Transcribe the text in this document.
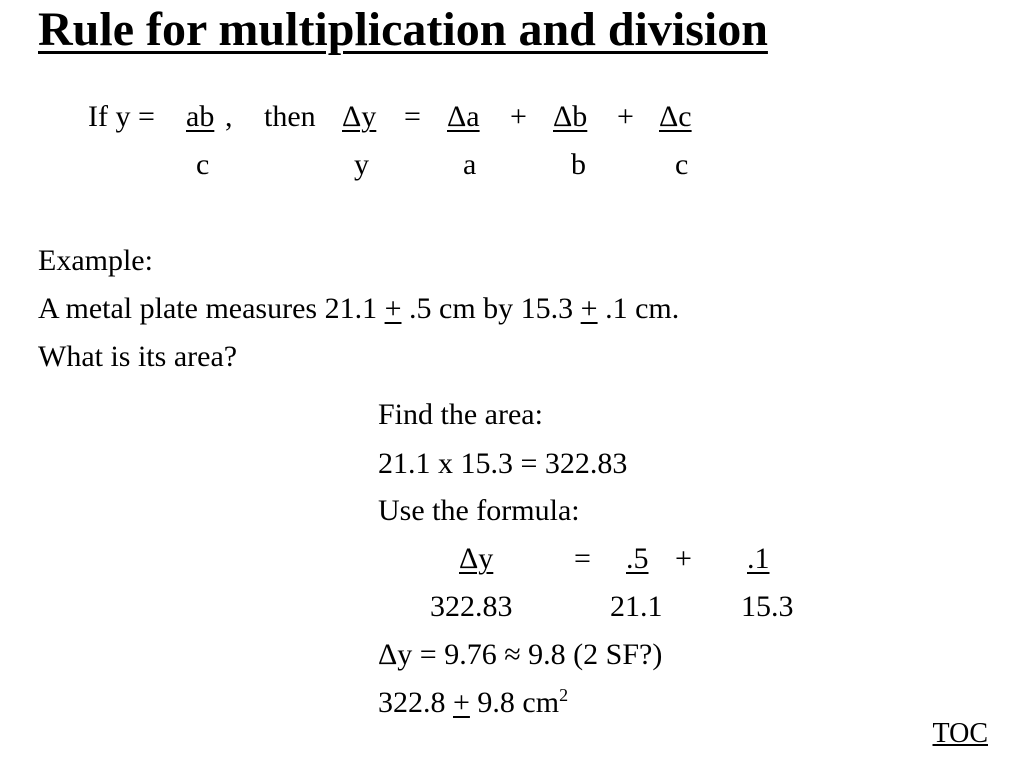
Rule for multiplication and division
If y = ab ,
c
then Δy
y
= Δa
a
+ Δb
b
+ Δc
c
Example:
A metal plate measures 21.1 + .5 cm by 15.3 + .1 cm.
What is its area?
Find the area:
21.1 x 15.3 = 322.83
Use the formula:
Δy	= .5 + .1
322.83	21.1	15.3
Δy = 9.76 ≈ 9.8 (2 SF?)
322.8 + 9.8 $cm^2$
TOC
